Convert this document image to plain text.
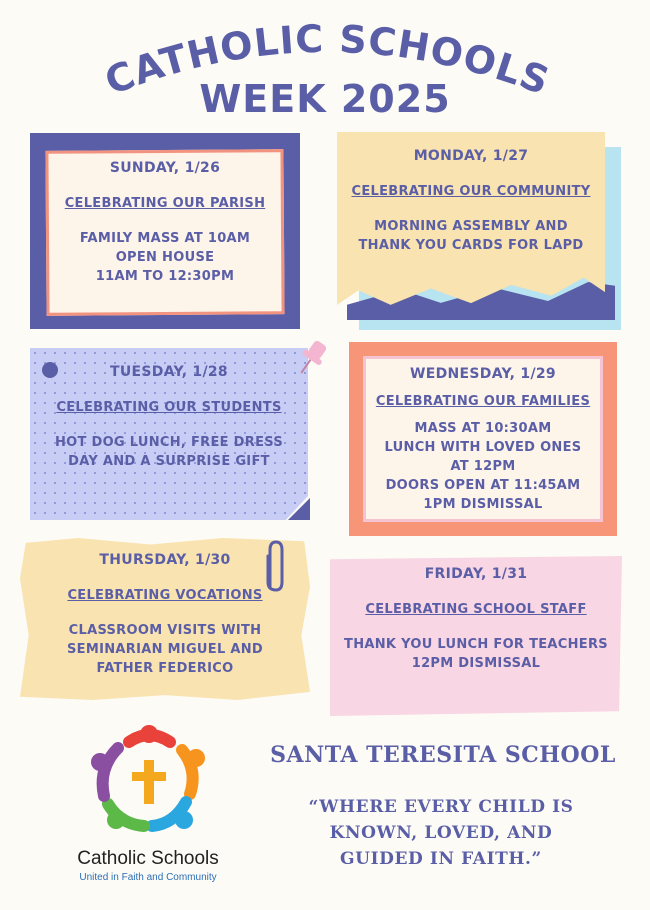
CATHOLIC SCHOOLS
WEEK 2025
SUNDAY, 1/26
CELEBRATING OUR PARISH
FAMILY MASS AT 10AM
OPEN HOUSE
11AM TO 12:30PM
MONDAY, 1/27
CELEBRATING OUR COMMUNITY
MORNING ASSEMBLY AND
THANK YOU CARDS FOR LAPD
TUESDAY, 1/28
CELEBRATING OUR STUDENTS
HOT DOG LUNCH, FREE DRESS
DAY AND A SURPRISE GIFT
WEDNESDAY, 1/29
CELEBRATING OUR FAMILIES
MASS AT 10:30AM
LUNCH WITH LOVED ONES
AT 12PM
DOORS OPEN AT 11:45AM
1PM DISMISSAL
THURSDAY, 1/30
CELEBRATING VOCATIONS
CLASSROOM VISITS WITH
SEMINARIAN MIGUEL AND
FATHER FEDERICO
FRIDAY, 1/31
CELEBRATING SCHOOL STAFF
THANK YOU LUNCH FOR TEACHERS
12PM DISMISSAL
Catholic Schools
United in Faith and Community
SANTA TERESITA SCHOOL
“WHERE EVERY CHILD IS
KNOWN, LOVED, AND
GUIDED IN FAITH.”
